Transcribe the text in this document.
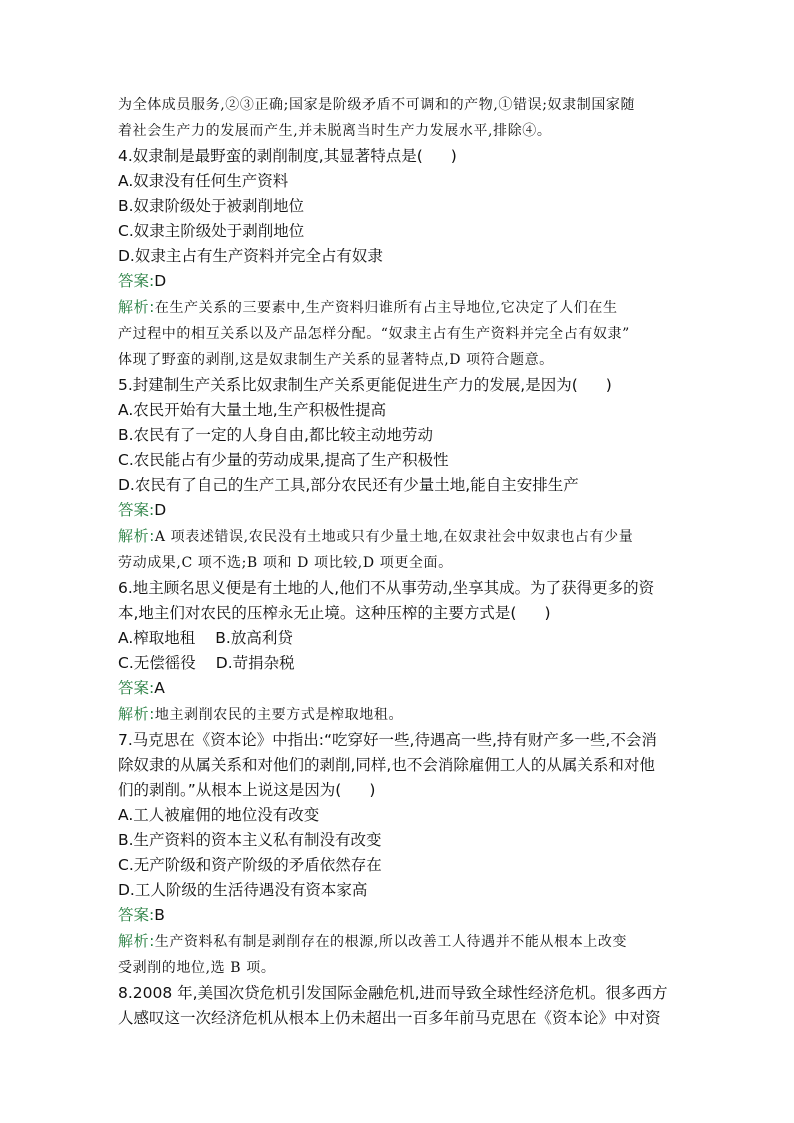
为全体成员服务,②③正确;国家是阶级矛盾不可调和的产物,①错误;奴隶制国家随

着社会生产力的发展而产生,并未脱离当时生产力发展水平,排除④。

4.奴隶制是最野蛮的剥削制度,其显著特点是( )

A.奴隶没有任何生产资料

B.奴隶阶级处于被剥削地位

C.奴隶主阶级处于剥削地位

D.奴隶主占有生产资料并完全占有奴隶

答案:D

解析:在生产关系的三要素中,生产资料归谁所有占主导地位,它决定了人们在生

产过程中的相互关系以及产品怎样分配。“奴隶主占有生产资料并完全占有奴隶”

体现了野蛮的剥削,这是奴隶制生产关系的显著特点,D 项符合题意。

5.封建制生产关系比奴隶制生产关系更能促进生产力的发展,是因为( )

A.农民开始有大量土地,生产积极性提高

B.农民有了一定的人身自由,都比较主动地劳动

C.农民能占有少量的劳动成果,提高了生产积极性

D.农民有了自己的生产工具,部分农民还有少量土地,能自主安排生产

答案:D

解析:A 项表述错误,农民没有土地或只有少量土地,在奴隶社会中奴隶也占有少量

劳动成果,C 项不选;B 项和 D 项比较,D 项更全面。

6.地主顾名思义便是有土地的人,他们不从事劳动,坐享其成。为了获得更多的资

本,地主们对农民的压榨永无止境。这种压榨的主要方式是( )

A.榨取地租 B.放高利贷

C.无偿徭役 D.苛捐杂税

答案:A

解析:地主剥削农民的主要方式是榨取地租。

7.马克思在《资本论》中指出:“吃穿好一些,待遇高一些,持有财产多一些,不会消

除奴隶的从属关系和对他们的剥削,同样,也不会消除雇佣工人的从属关系和对他

们的剥削。”从根本上说这是因为( )

A.工人被雇佣的地位没有改变

B.生产资料的资本主义私有制没有改变

C.无产阶级和资产阶级的矛盾依然存在

D.工人阶级的生活待遇没有资本家高

答案:B

解析:生产资料私有制是剥削存在的根源,所以改善工人待遇并不能从根本上改变

受剥削的地位,选 B 项。

8.2008 年,美国次贷危机引发国际金融危机,进而导致全球性经济危机。很多西方

人感叹这一次经济危机从根本上仍未超出一百多年前马克思在《资本论》中对资
